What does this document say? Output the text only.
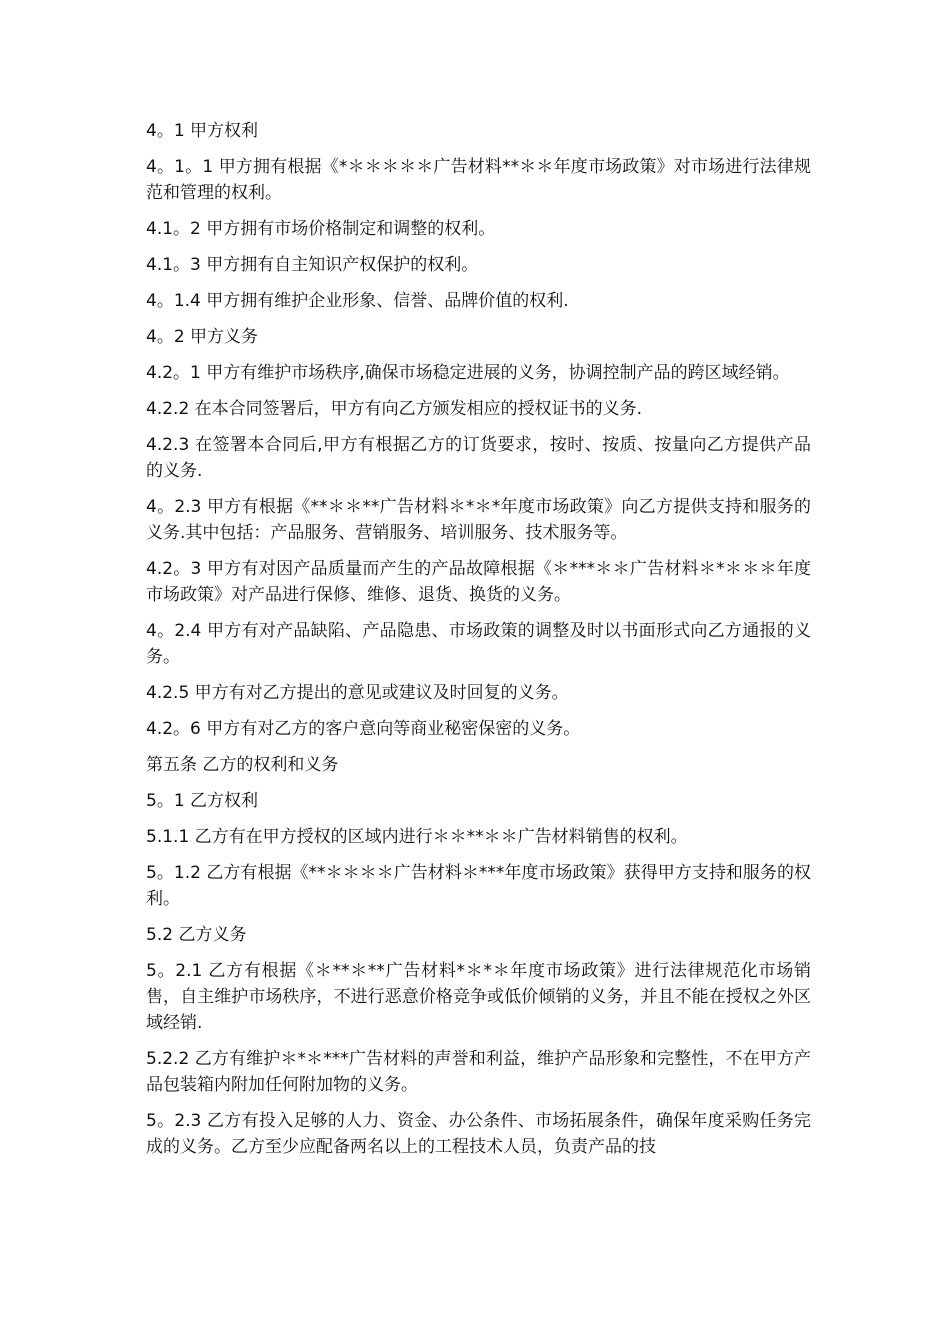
4。1 甲方权利

4。1。1 甲方拥有根据《*＊＊＊＊＊广告材料**＊＊年度市场政策》对市场进行法律规范和管理的权利。

4.1。2 甲方拥有市场价格制定和调整的权利。

4.1。3 甲方拥有自主知识产权保护的权利。

4。1.4 甲方拥有维护企业形象、信誉、品牌价值的权利.

4。2 甲方义务

4.2。1 甲方有维护市场秩序,确保市场稳定进展的义务，协调控制产品的跨区域经销。

4.2.2 在本合同签署后，甲方有向乙方颁发相应的授权证书的义务.

4.2.3 在签署本合同后,甲方有根据乙方的订货要求，按时、按质、按量向乙方提供产品的义务.

4。2.3 甲方有根据《**＊＊**广告材料＊*＊*年度市场政策》向乙方提供支持和服务的义务.其中包括：产品服务、营销服务、培训服务、技术服务等。

4.2。3 甲方有对因产品质量而产生的产品故障根据《＊***＊＊广告材料＊*＊＊＊年度市场政策》对产品进行保修、维修、退货、换货的义务。

4。2.4 甲方有对产品缺陷、产品隐患、市场政策的调整及时以书面形式向乙方通报的义务。

4.2.5 甲方有对乙方提出的意见或建议及时回复的义务。

4.2。6 甲方有对乙方的客户意向等商业秘密保密的义务。

第五条 乙方的权利和义务

5。1 乙方权利

5.1.1 乙方有在甲方授权的区域内进行＊＊**＊＊广告材料销售的权利。

5。1.2 乙方有根据《**＊＊＊＊广告材料＊***年度市场政策》获得甲方支持和服务的权利。

5.2 乙方义务

5。2.1 乙方有根据《＊**＊**广告材料*＊*＊年度市场政策》进行法律规范化市场销售，自主维护市场秩序，不进行恶意价格竞争或低价倾销的义务，并且不能在授权之外区域经销.

5.2.2 乙方有维护＊*＊***广告材料的声誉和利益，维护产品形象和完整性，不在甲方产品包装箱内附加任何附加物的义务。

5。2.3 乙方有投入足够的人力、资金、办公条件、市场拓展条件，确保年度采购任务完成的义务。乙方至少应配备两名以上的工程技术人员，负责产品的技
